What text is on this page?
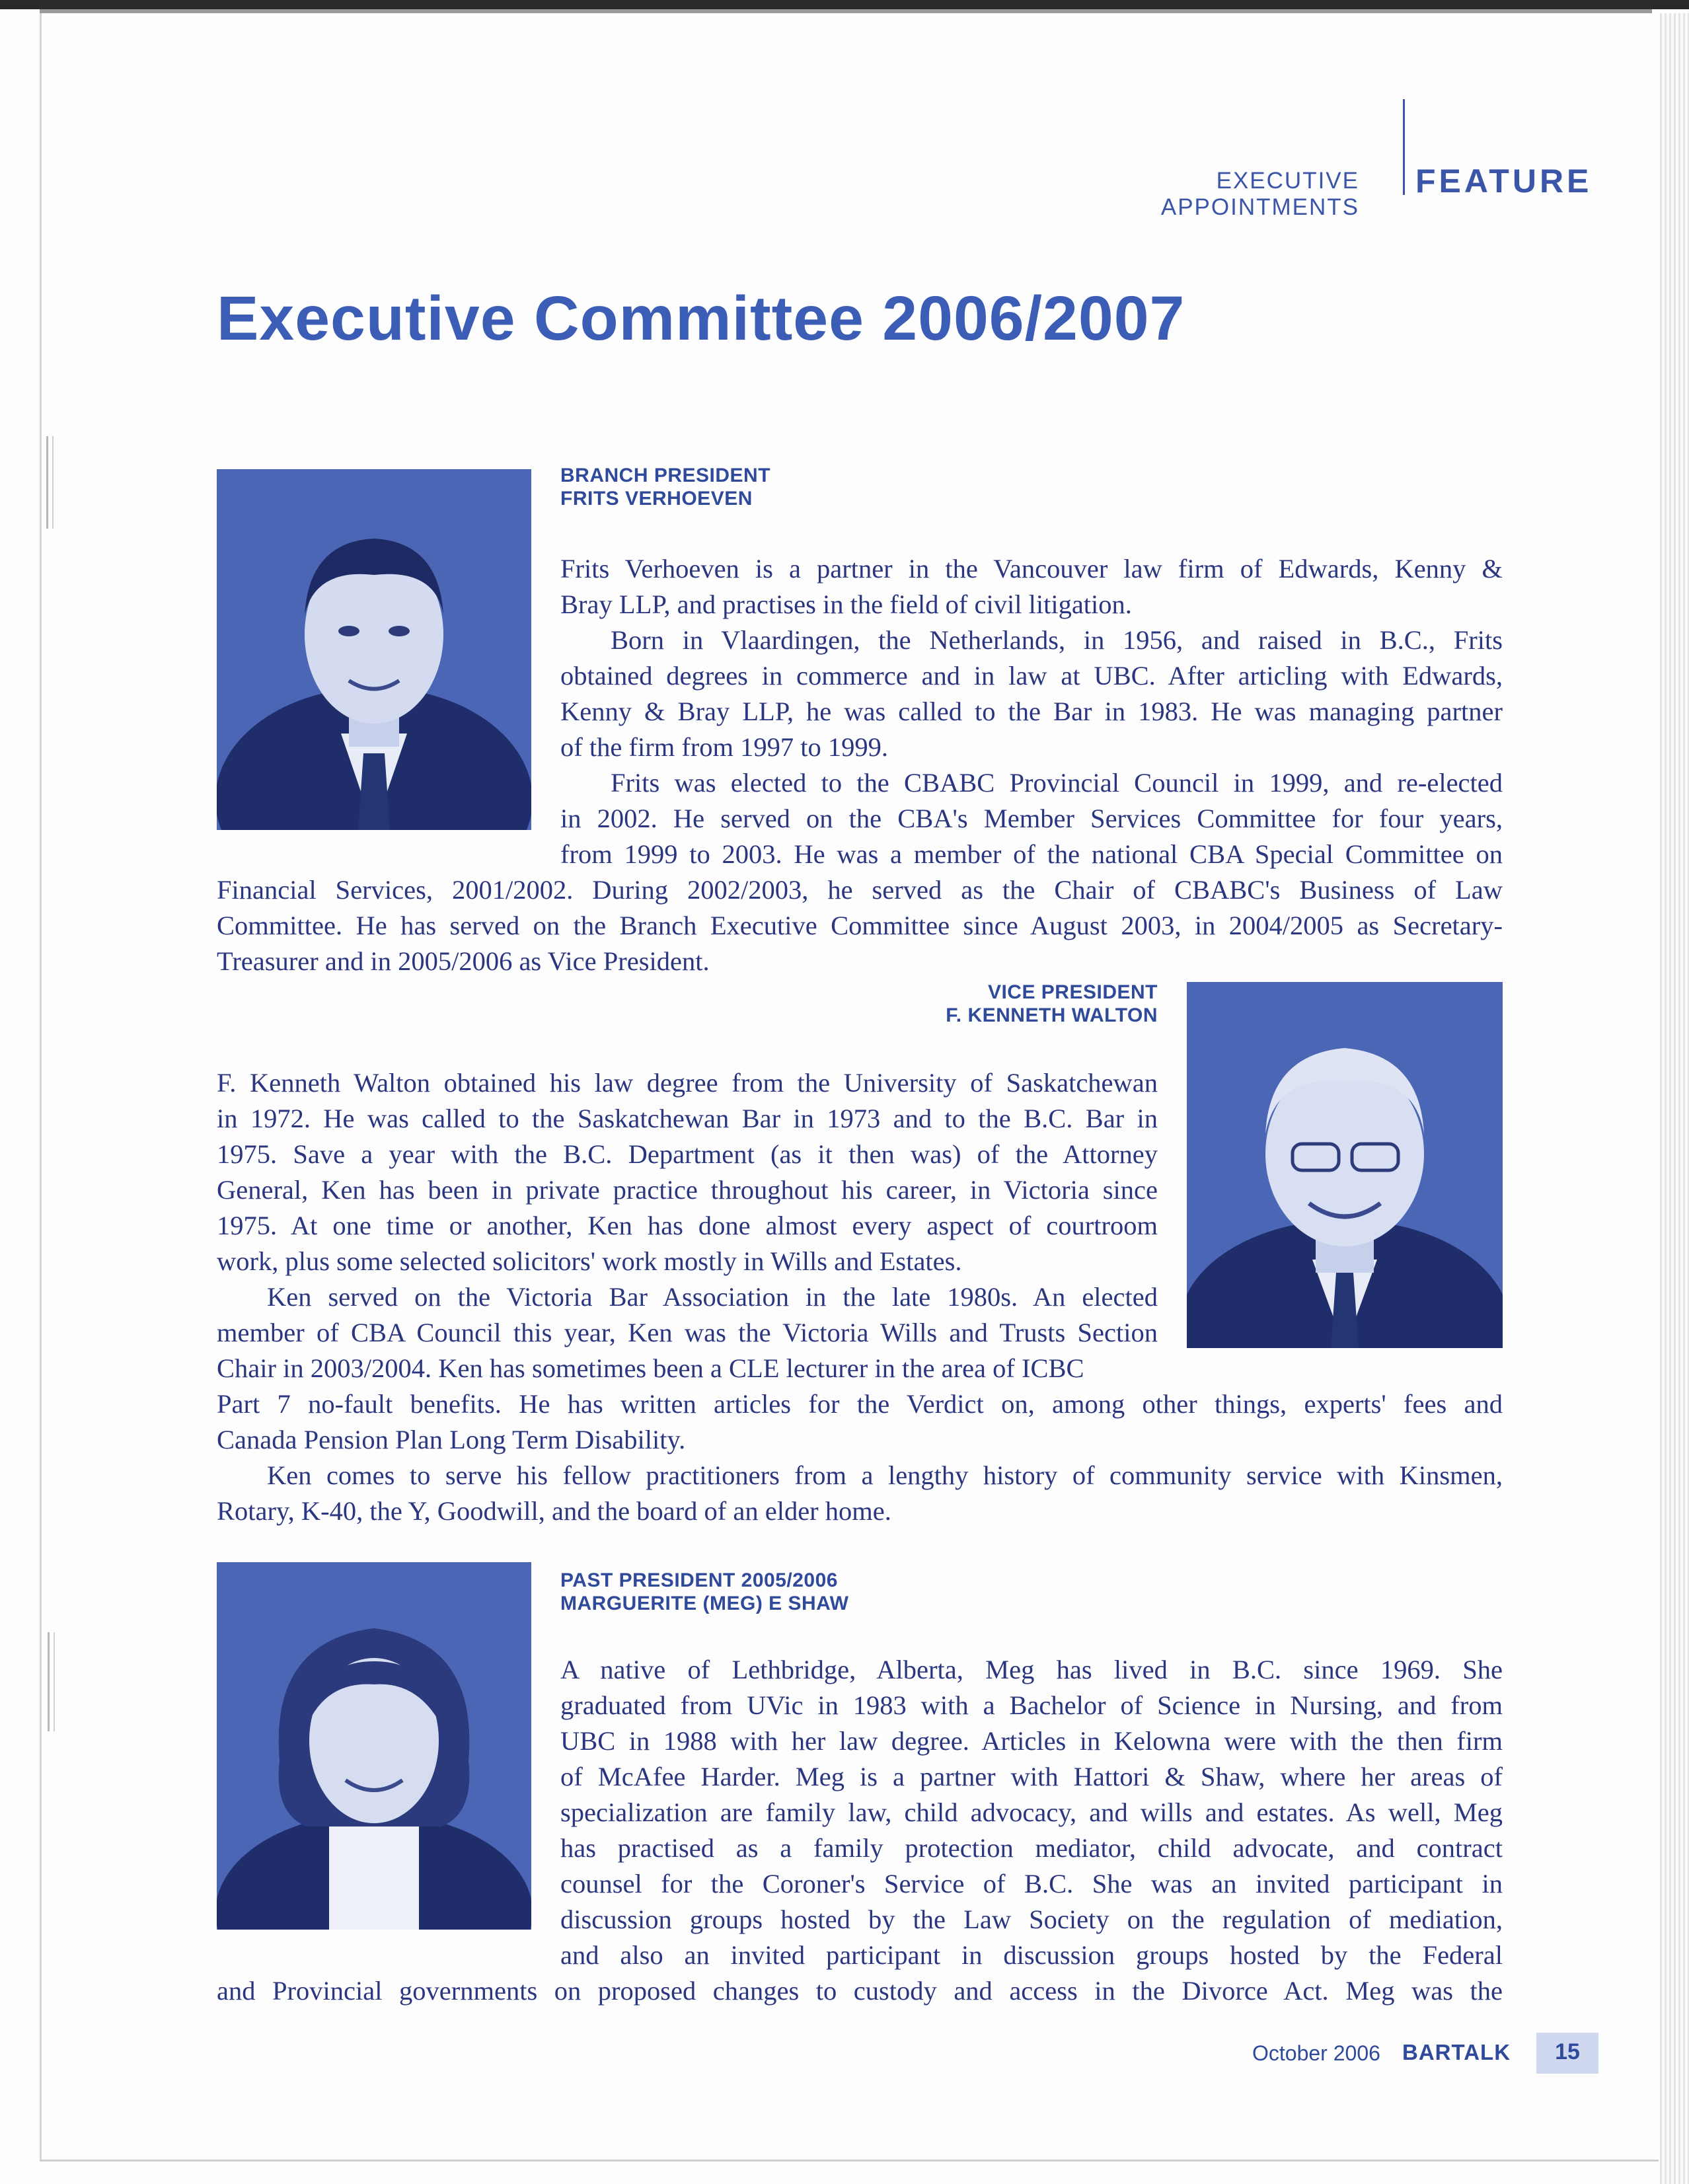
EXECUTIVE APPOINTMENTS
FEATURE
Executive Committee 2006/2007
BRANCH PRESIDENT
FRITS VERHOEVEN
Frits Verhoeven is a partner in the Vancouver law firm of Edwards, Kenny &
Bray LLP, and practises in the field of civil litigation.
Born in Vlaardingen, the Netherlands, in 1956, and raised in B.C., Frits
obtained degrees in commerce and in law at UBC. After articling with Edwards,
Kenny & Bray LLP, he was called to the Bar in 1983. He was managing partner
of the firm from 1997 to 1999.
Frits was elected to the CBABC Provincial Council in 1999, and re-elected
in 2002. He served on the CBA's Member Services Committee for four years,
from 1999 to 2003. He was a member of the national CBA Special Committee on
Financial Services, 2001/2002. During 2002/2003, he served as the Chair of CBABC's Business of Law
Committee. He has served on the Branch Executive Committee since August 2003, in 2004/2005 as Secretary-
Treasurer and in 2005/2006 as Vice President.
VICE PRESIDENT
F. KENNETH WALTON
F. Kenneth Walton obtained his law degree from the University of Saskatchewan
in 1972. He was called to the Saskatchewan Bar in 1973 and to the B.C. Bar in
1975. Save a year with the B.C. Department (as it then was) of the Attorney
General, Ken has been in private practice throughout his career, in Victoria since
1975. At one time or another, Ken has done almost every aspect of courtroom
work, plus some selected solicitors' work mostly in Wills and Estates.
Ken served on the Victoria Bar Association in the late 1980s. An elected
member of CBA Council this year, Ken was the Victoria Wills and Trusts Section
Chair in 2003/2004. Ken has sometimes been a CLE lecturer in the area of ICBC
Part 7 no-fault benefits. He has written articles for the Verdict on, among other things, experts' fees and
Canada Pension Plan Long Term Disability.
Ken comes to serve his fellow practitioners from a lengthy history of community service with Kinsmen,
Rotary, K-40, the Y, Goodwill, and the board of an elder home.
PAST PRESIDENT 2005/2006
MARGUERITE (MEG) E SHAW
A native of Lethbridge, Alberta, Meg has lived in B.C. since 1969. She
graduated from UVic in 1983 with a Bachelor of Science in Nursing, and from
UBC in 1988 with her law degree. Articles in Kelowna were with the then firm
of McAfee Harder. Meg is a partner with Hattori & Shaw, where her areas of
specialization are family law, child advocacy, and wills and estates. As well, Meg
has practised as a family protection mediator, child advocate, and contract
counsel for the Coroner's Service of B.C. She was an invited participant in
discussion groups hosted by the Law Society on the regulation of mediation,
and also an invited participant in discussion groups hosted by the Federal
and Provincial governments on proposed changes to custody and access in the Divorce Act. Meg was the
October 2006 BARTALK	15
